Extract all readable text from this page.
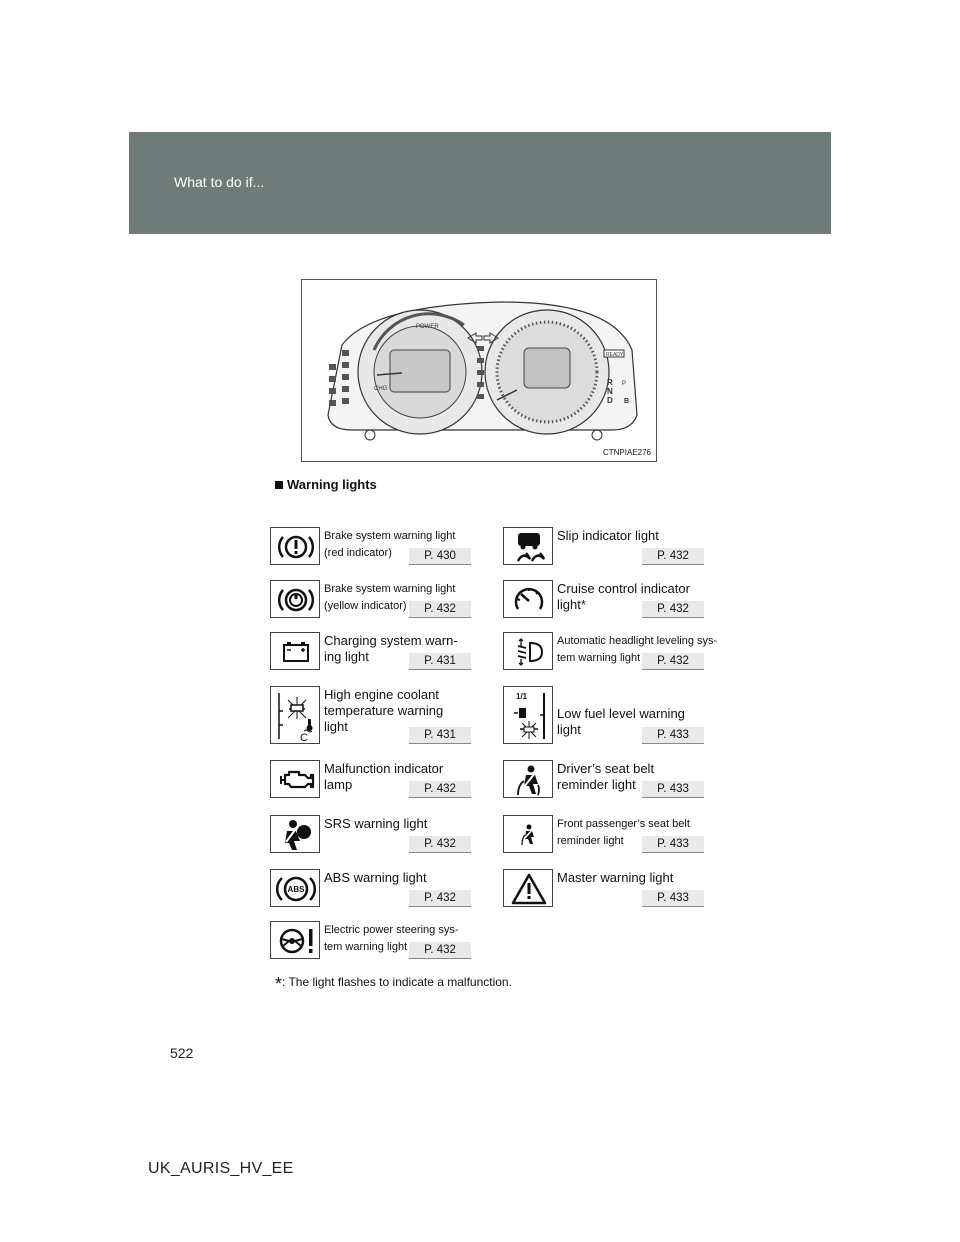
What to do if...
POWER
CHG
READY
R
N
D B
P
CTNPIAE276
Warning lights
Brake system warning light
(red indicator)	P. 430
Slip indicator light
P. 432
Brake system warning light
(yellow indicator)	P. 432
Cruise control indicator
light*	P. 432
Charging system warn-
ing light	P. 431
Automatic headlight leveling sys-
tem warning light	P. 432
C
High engine coolant
temperature warning
light
P. 431
1/1
Low fuel level warning
light	P. 433
Malfunction indicator
lamp	P. 432
Driver’s seat belt
reminder light	P. 433
SRS warning light
P. 432
Front passenger’s seat belt
reminder light	P. 433
ABS
ABS warning light
P. 432
Master warning light
P. 433
Electric power steering sys-
tem warning light	P. 432
*: The light flashes to indicate a malfunction.
522
UK_AURIS_HV_EE
